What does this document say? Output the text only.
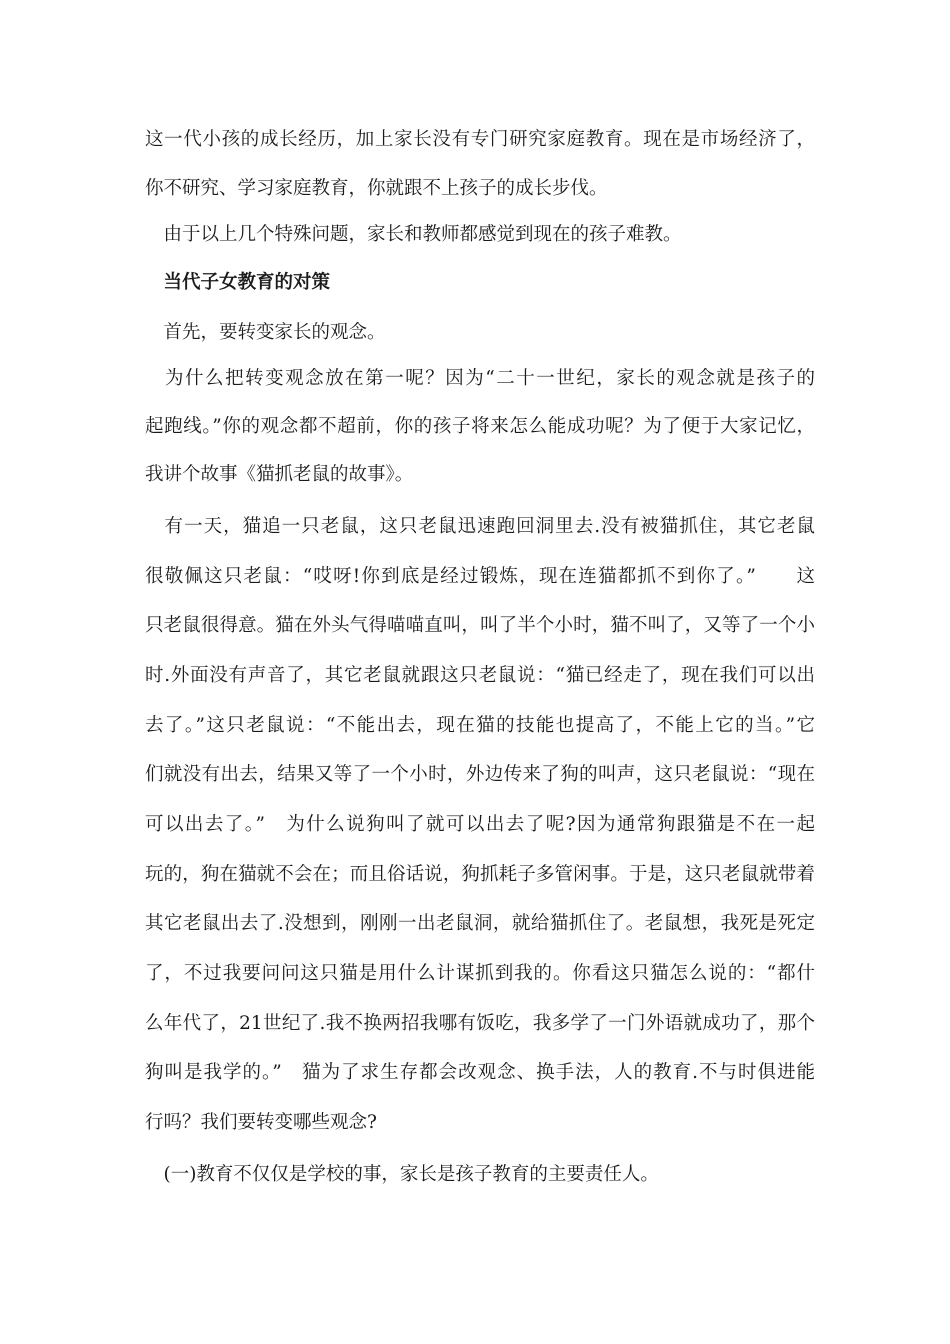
这一代小孩的成长经历，加上家长没有专门研究家庭教育。现在是市场经济了，
你不研究、学习家庭教育，你就跟不上孩子的成长步伐。
　由于以上几个特殊问题，家长和教师都感觉到现在的孩子难教。
　当代子女教育的对策
　首先，要转变家长的观念。
　为什么把转变观念放在第一呢？因为“二十一世纪，家长的观念就是孩子的
起跑线。”你的观念都不超前，你的孩子将来怎么能成功呢？为了便于大家记忆，
我讲个故事《猫抓老鼠的故事》。
　有一天，猫追一只老鼠，这只老鼠迅速跑回洞里去.没有被猫抓住，其它老鼠
很敬佩这只老鼠：“哎呀!你到底是经过锻炼，现在连猫都抓不到你了。”　　这
只老鼠很得意。猫在外头气得喵喵直叫，叫了半个小时，猫不叫了，又等了一个小
时.外面没有声音了，其它老鼠就跟这只老鼠说：“猫已经走了，现在我们可以出
去了。”这只老鼠说：“不能出去，现在猫的技能也提高了，不能上它的当。”它
们就没有出去，结果又等了一个小时，外边传来了狗的叫声，这只老鼠说：“现在
可以出去了。”　为什么说狗叫了就可以出去了呢?因为通常狗跟猫是不在一起
玩的，狗在猫就不会在；而且俗话说，狗抓耗子多管闲事。于是，这只老鼠就带着
其它老鼠出去了.没想到，刚刚一出老鼠洞，就给猫抓住了。老鼠想，我死是死定
了，不过我要问问这只猫是用什么计谋抓到我的。你看这只猫怎么说的：“都什
么年代了，21世纪了.我不换两招我哪有饭吃，我多学了一门外语就成功了，那个
狗叫是我学的。”　猫为了求生存都会改观念、换手法，人的教育.不与时俱进能
行吗？我们要转变哪些观念?
　(一)教育不仅仅是学校的事，家长是孩子教育的主要责任人。
